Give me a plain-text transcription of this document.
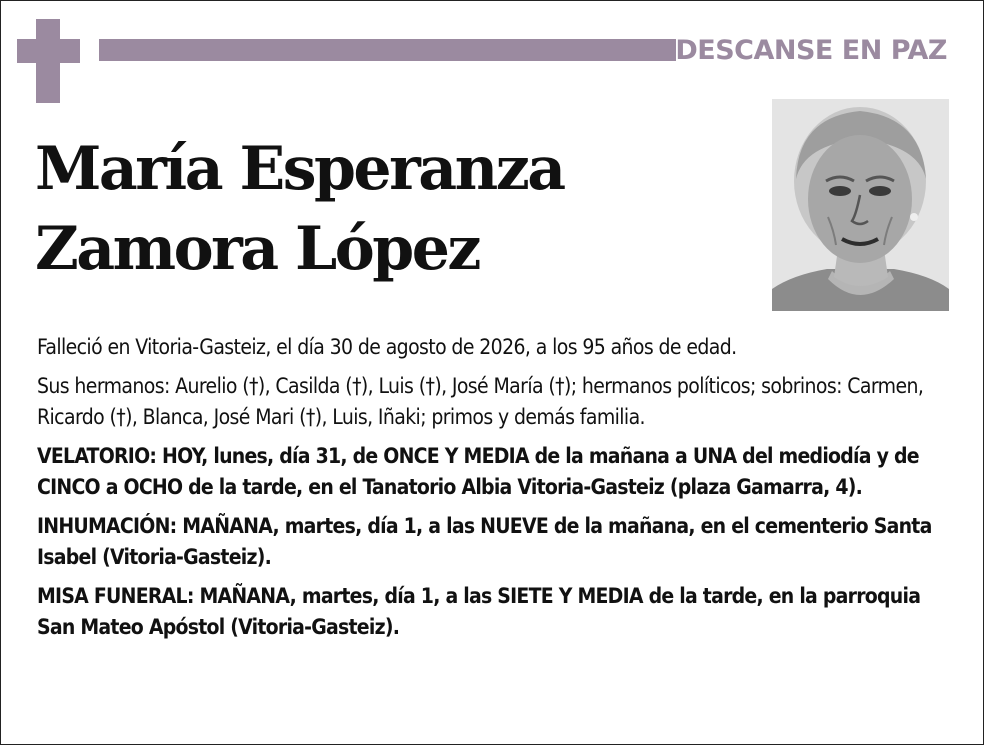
DESCANSE EN PAZ
María Esperanza
Zamora López

Falleció en Vitoria-Gasteiz, el día 30 de agosto de 2026, a los 95 años de edad.

Sus hermanos: Aurelio (†), Casilda (†), Luis (†), José María (†); hermanos políticos; sobrinos: Carmen, Ricardo (†), Blanca, José Mari (†), Luis, Iñaki; primos y demás familia.

VELATORIO: HOY, lunes, día 31, de ONCE Y MEDIA de la mañana a UNA del mediodía y de CINCO a OCHO de la tarde, en el Tanatorio Albia Vitoria-Gasteiz (plaza Gamarra, 4).

INHUMACIÓN: MAÑANA, martes, día 1, a las NUEVE de la mañana, en el cementerio Santa Isabel (Vitoria-Gasteiz).

MISA FUNERAL: MAÑANA, martes, día 1, a las SIETE Y MEDIA de la tarde, en la parroquia San Mateo Apóstol (Vitoria-Gasteiz).
